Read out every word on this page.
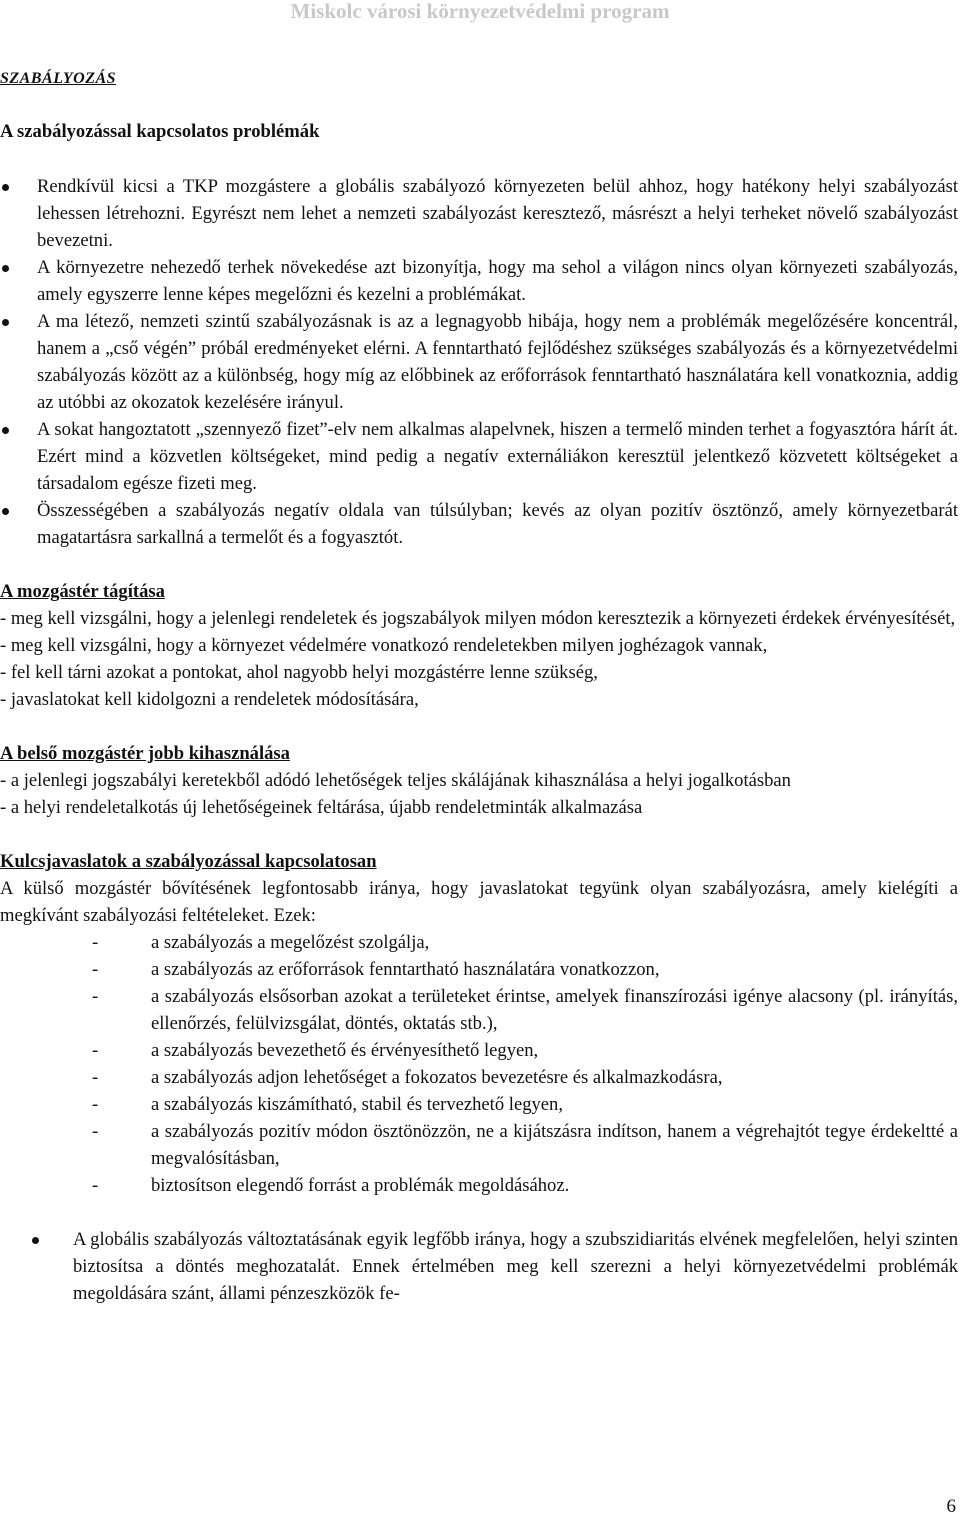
Miskolc városi környezetvédelmi program
SZABÁLYOZÁS

A szabályozással kapcsolatos problémák

Rendkívül kicsi a TKP mozgástere a globális szabályozó környezeten belül ahhoz, hogy hatékony helyi szabályozást lehessen létrehozni. Egyrészt nem lehet a nemzeti szabályozást keresztező, másrészt a helyi terheket növelő szabályozást bevezetni.
A környezetre nehezedő terhek növekedése azt bizonyítja, hogy ma sehol a világon nincs olyan környezeti szabályozás, amely egyszerre lenne képes megelőzni és kezelni a problémákat.
A ma létező, nemzeti szintű szabályozásnak is az a legnagyobb hibája, hogy nem a problémák megelőzésére koncentrál, hanem a „cső végén” próbál eredményeket elérni. A fenntartható fejlődéshez szükséges szabályozás és a környezetvédelmi szabályozás között az a különbség, hogy míg az előbbinek az erőforrások fenntartható használatára kell vonatkoznia, addig az utóbbi az okozatok kezelésére irányul.
A sokat hangoztatott „szennyező fizet”-elv nem alkalmas alapelvnek, hiszen a termelő minden terhet a fogyasztóra hárít át. Ezért mind a közvetlen költségeket, mind pedig a negatív externáliákon keresztül jelentkező közvetett költségeket a társadalom egésze fizeti meg.
Összességében a szabályozás negatív oldala van túlsúlyban; kevés az olyan pozitív ösztönző, amely környezetbarát magatartásra sarkallná a termelőt és a fogyasztót.

A mozgástér tágítása

- meg kell vizsgálni, hogy a jelenlegi rendeletek és jogszabályok milyen módon keresztezik a környezeti érdekek érvényesítését,

- meg kell vizsgálni, hogy a környezet védelmére vonatkozó rendeletekben milyen joghézagok vannak,

- fel kell tárni azokat a pontokat, ahol nagyobb helyi mozgástérre lenne szükség,

- javaslatokat kell kidolgozni a rendeletek módosítására,

A belső mozgástér jobb kihasználása

- a jelenlegi jogszabályi keretekből adódó lehetőségek teljes skálájának kihasználása a helyi jogalkotásban

- a helyi rendeletalkotás új lehetőségeinek feltárása, újabb rendeletminták alkalmazása

Kulcsjavaslatok a szabályozással kapcsolatosan

A külső mozgástér bővítésének legfontosabb iránya, hogy javaslatokat tegyünk olyan szabályozásra, amely kielégíti a megkívánt szabályozási feltételeket. Ezek:

-	a szabályozás a megelőzést szolgálja,
-	a szabályozás az erőforrások fenntartható használatára vonatkozzon,
-	a szabályozás elsősorban azokat a területeket érintse, amelyek finanszírozási igénye alacsony (pl. irányítás, ellenőrzés, felülvizsgálat, döntés, oktatás stb.),
-	a szabályozás bevezethető és érvényesíthető legyen,
-	a szabályozás adjon lehetőséget a fokozatos bevezetésre és alkalmazkodásra,
-	a szabályozás kiszámítható, stabil és tervezhető legyen,
-	a szabályozás pozitív módon ösztönözzön, ne a kijátszásra indítson, hanem a végrehajtót tegye érdekeltté a megvalósításban,
-	biztosítson elegendő forrást a problémák megoldásához.
A globális szabályozás változtatásának egyik legfőbb iránya, hogy a szubszidiaritás elvének megfelelően, helyi szinten biztosítsa a döntés meghozatalát. Ennek értelmében meg kell szerezni a helyi környezetvédelmi problémák megoldására szánt, állami pénzeszközök fe-
6
